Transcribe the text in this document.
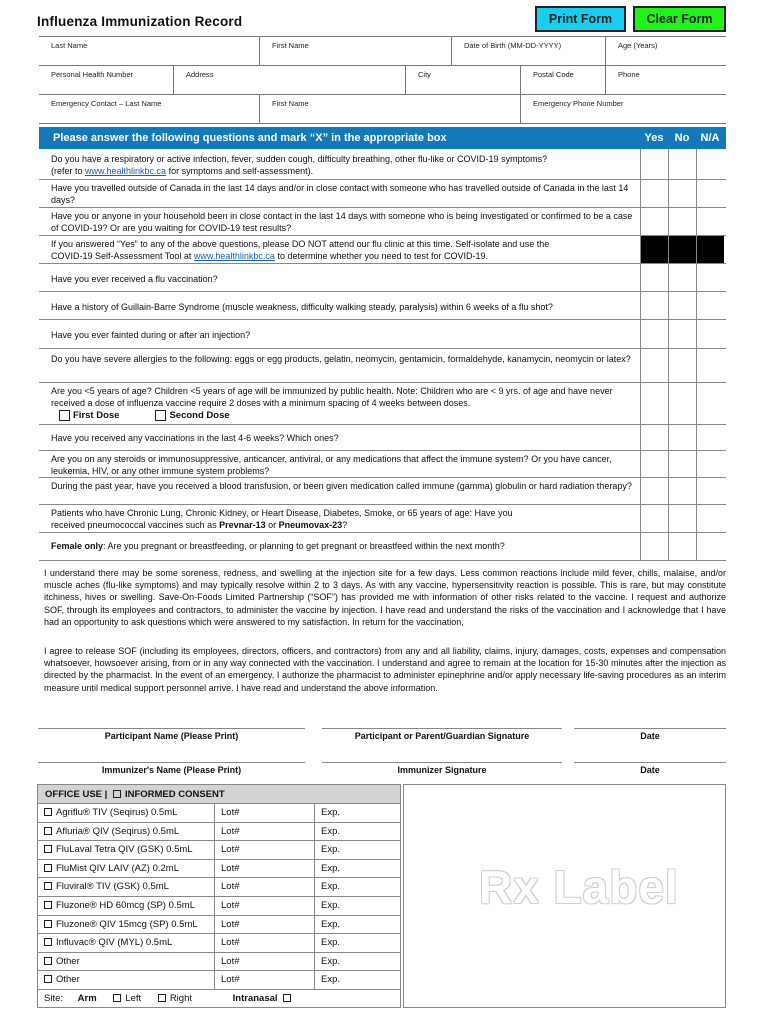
Influenza Immunization Record	Print Form	Clear Form
Last Name	First Name	Date of Birth (MM-DD-YYYY)	Age (Years)
Personal Health Number	Address	City	Postal Code	Phone
Emergency Contact – Last Name	First Name	Emergency Phone Number
Please answer the following questions and mark “X” in the appropriate box	Yes	No	N/A
Do you have a respiratory or active infection, fever, sudden cough, difficulty breathing, other flu-like or COVID-19 symptoms?
(refer to www.healthlinkbc.ca for symptoms and self-assessment).
Have you travelled outside of Canada in the last 14 days and/or in close contact with someone who has travelled outside of Canada in the last 14 days?
Have you or anyone in your household been in close contact in the last 14 days with someone who is being investigated or confirmed to be a case of COVID-19? Or are you waiting for COVID-19 test results?
If you answered “Yes” to any of the above questions, please DO NOT attend our flu clinic at this time. Self-isolate and use the
COVID-19 Self-Assessment Tool at www.healthlinkbc.ca to determine whether you need to test for COVID-19.
Have you ever received a flu vaccination?
Have a history of Guillain-Barre Syndrome (muscle weakness, difficulty walking steady, paralysis) within 6 weeks of a flu shot?
Have you ever fainted during or after an injection?
Do you have severe allergies to the following: eggs or egg products, gelatin, neomycin, gentamicin, formaldehyde, kanamycin, neomycin or latex?
Are you <5 years of age? Children <5 years of age will be immunized by public health. Note: Children who are < 9 yrs. of age and have never received a dose of influenza vaccine require 2 doses with a minimum spacing of 4 weeks between doses.
First Dose	Second Dose
Have you received any vaccinations in the last 4-6 weeks? Which ones?
Are you on any steroids or immunosuppressive, anticancer, antiviral, or any medications that affect the immune system? Or you have cancer, leukemia, HIV, or any other immune system problems?
During the past year, have you received a blood transfusion, or been given medication called immune (gamma) globulin or hard radiation therapy?
Patients who have Chronic Lung, Chronic Kidney, or Heart Disease, Diabetes, Smoke, or 65 years of age: Have you
received pneumococcal vaccines such as Prevnar-13 or Pneumovax-23?
Female only: Are you pregnant or breastfeeding, or planning to get pregnant or breastfeed within the next month?
I understand there may be some soreness, redness, and swelling at the injection site for a few days. Less common reactions include mild fever, chills, malaise, and/or muscle aches (flu-like symptoms) and may typically resolve within 2 to 3 days. As with any vaccine, hypersensitivity reaction is possible. This is rare, but may constitute itchiness, hives or swelling. Save-On-Foods Limited Partnership (“SOF”) has provided me with information of other risks related to the vaccine. I request and authorize SOF, through its employees and contractors, to administer the vaccine by injection. I have read and understand the risks of the vaccination and I acknowledge that I have had an opportunity to ask questions which were answered to my satisfaction. In return for the vaccination,
I agree to release SOF (including its employees, directors, officers, and contractors) from any and all liability, claims, injury, damages, costs, expenses and compensation whatsoever, howsoever arising, from or in any way connected with the vaccination. I understand and agree to remain at the location for 15-30 minutes after the injection as directed by the pharmacist. In the event of an emergency, I authorize the pharmacist to administer epinephrine and/or apply necessary life-saving procedures as an interim measure until medical support personnel arrive. I have read and understand the above information.
Participant Name (Please Print)	Participant or Parent/Guardian Signature	Date
Immunizer's Name (Please Print)	Immunizer Signature	Date
OFFICE USE | INFORMED CONSENT
Agriflu® TIV (Seqirus) 0.5mL	Lot#	Exp.
Afluria® QIV (Seqirus) 0.5mL	Lot#	Exp.
FluLaval Tetra QIV (GSK) 0.5mL	Lot#	Exp.
FluMist QIV LAIV (AZ) 0.2mL	Lot#	Exp.
Fluviral® TIV (GSK) 0.5mL	Lot#	Exp.
Fluzone® HD 60mcg (SP) 0.5mL	Lot#	Exp.
Fluzone® QIV 15mcg (SP) 0.5mL	Lot#	Exp.
Influvac® QIV (MYL) 0.5mL	Lot#	Exp.
Other	Lot#	Exp.
Other	Lot#	Exp.
Site: Arm	Left	Right	Intranasal
Rx Label
